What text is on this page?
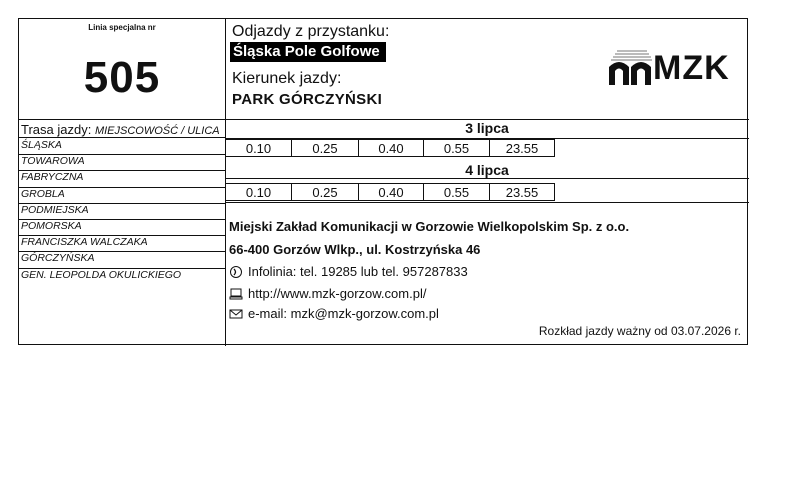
Linia specjalna nr
505
Odjazdy z przystanku:
Śląska Pole Golfowe
Kierunek jazdy:
PARK GÓRCZYŃSKI
MZK
Trasa jazdy: MIEJSCOWOŚĆ / ULICA
ŚLĄSKA
TOWAROWA
FABRYCZNA
GROBLA
PODMIEJSKA
POMORSKA
FRANCISZKA WALCZAKA
GÓRCZYŃSKA
GEN. LEOPOLDA OKULICKIEGO
3 lipca
4 lipca
0.10	0.25	0.40	0.55	23.55
0.10	0.25	0.40	0.55	23.55
Miejski Zakład Komunikacji w Gorzowie Wielkopolskim Sp. z o.o.
66-400 Gorzów Wlkp., ul. Kostrzyńska 46
Infolinia: tel. 19285 lub tel. 957287833
http://www.mzk-gorzow.com.pl/
e-mail: mzk@mzk-gorzow.com.pl
Rozkład jazdy ważny od 03.07.2026 r.
